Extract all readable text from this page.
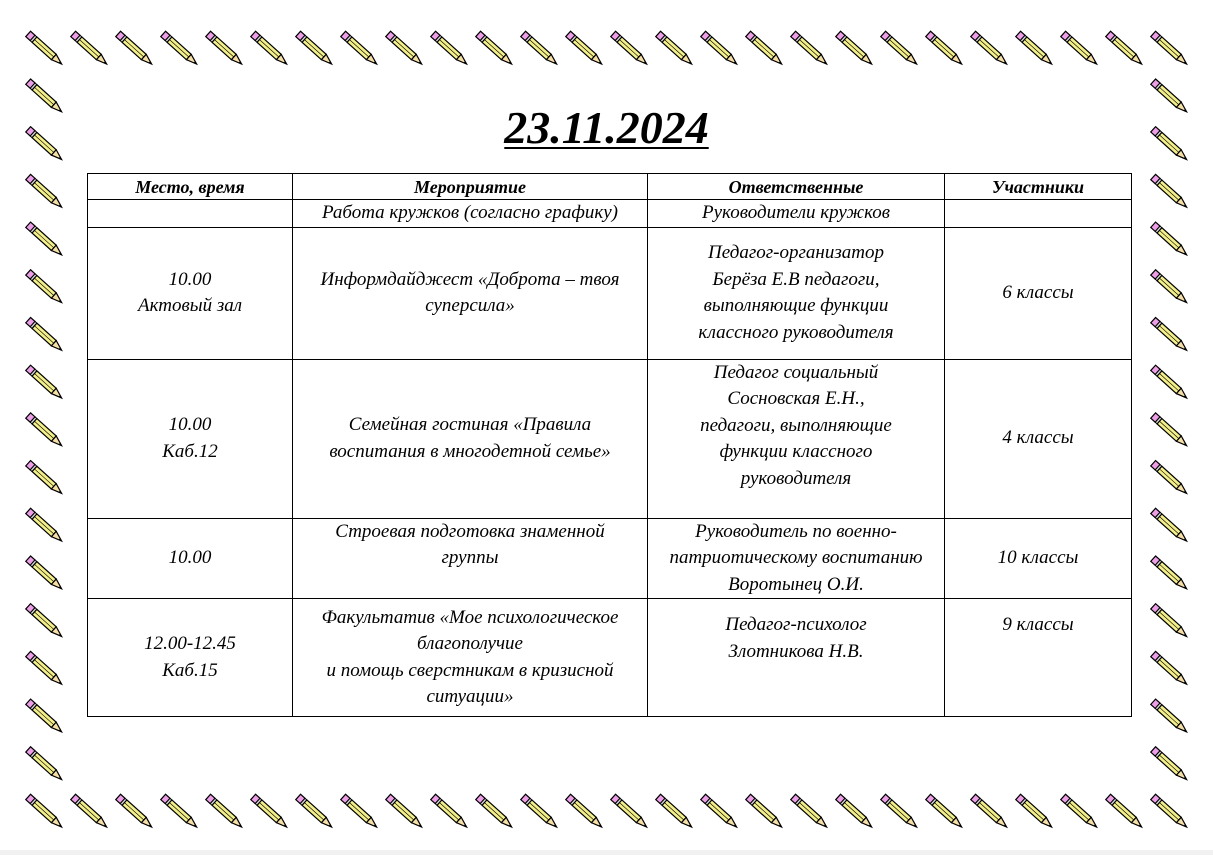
23.11.2024
Место, время	Мероприятие	Ответственные	Участники

	Работа кружков (согласно графику)	Руководители кружков	

10.00
Актовый зал	Информдайджест «Доброта – твоя
суперсила»	Педагог-организатор
Берёза Е.В педагоги,
выполняющие функции
классного руководителя	6 классы

10.00
Каб.12	Семейная гостиная «Правила
воспитания в многодетной семье»	Педагог социальный
Сосновская Е.Н.,
педагоги, выполняющие
функции классного
руководителя	4 классы

10.00	Строевая подготовка знаменной
группы	Руководитель по военно-
патриотическому воспитанию
Воротынец О.И.	10 классы

12.00-12.45
Каб.15	Факультатив «Мое психологическое
благополучие
и помощь сверстникам в кризисной
ситуации»	Педагог-психолог
Злотникова Н.В.	9 классы
